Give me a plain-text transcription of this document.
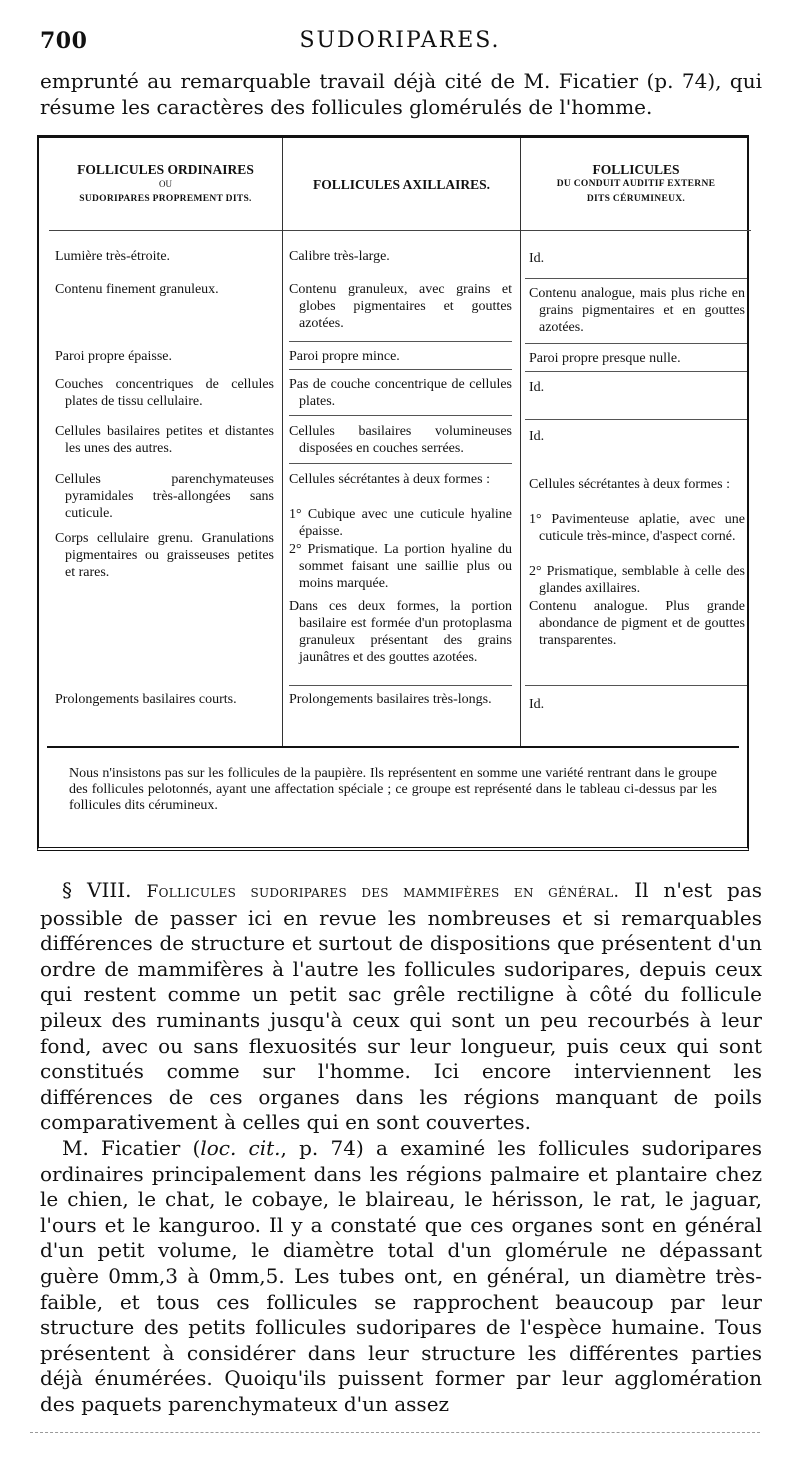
700	SUDORIPARES.

emprunté au remarquable travail déjà cité de M. Ficatier (p. 74), qui résume les caractères des follicules glomérulés de l'homme.

FOLLICULES ORDINAIRES
OU
SUDORIPARES PROPREMENT DITS.

Lumière très-étroite.

Contenu finement granuleux.

Paroi propre épaisse.

Couches concentriques de cellules plates de tissu cellulaire.

Cellules basilaires petites et distantes les unes des autres.

Cellules parenchymateuses pyramidales très-allongées sans cuticule.

Corps cellulaire grenu. Granulations pigmentaires ou graisseuses petites et rares.

Prolongements basilaires courts.

FOLLICULES AXILLAIRES.

Calibre très-large.

Contenu granuleux, avec grains et globes pigmentaires et gouttes azotées.

Paroi propre mince.

Pas de couche concentrique de cellules plates.

Cellules basilaires volumineuses disposées en couches serrées.

Cellules sécrétantes à deux formes :

1° Cubique avec une cuticule hyaline épaisse.

2° Prismatique. La portion hyaline du sommet faisant une saillie plus ou moins marquée.

Dans ces deux formes, la portion basilaire est formée d'un protoplasma granuleux présentant des grains jaunâtres et des gouttes azotées.

Prolongements basilaires très-longs.

FOLLICULES
DU CONDUIT AUDITIF EXTERNE
DITS CÉRUMINEUX.

Id.

Contenu analogue, mais plus riche en grains pigmentaires et en gouttes azotées.

Paroi propre presque nulle.

Id.

Id.

Cellules sécrétantes à deux formes :

1° Pavimenteuse aplatie, avec une cuticule très-mince, d'aspect corné.

2° Prismatique, semblable à celle des glandes axillaires.

Contenu analogue. Plus grande abondance de pigment et de gouttes transparentes.

Id.

Nous n'insistons pas sur les follicules de la paupière. Ils représentent en somme une variété rentrant dans le groupe des follicules pelotonnés, ayant une affectation spéciale ; ce groupe est représenté dans le tableau ci-dessus par les follicules dits cérumineux.

§ VIII. Follicules sudoripares des mammifères en général. Il n'est pas possible de passer ici en revue les nombreuses et si remarquables différences de structure et surtout de dispositions que présentent d'un ordre de mammifères à l'autre les follicules sudoripares, depuis ceux qui restent comme un petit sac grêle rectiligne à côté du follicule pileux des ruminants jusqu'à ceux qui sont un peu recourbés à leur fond, avec ou sans flexuosités sur leur longueur, puis ceux qui sont constitués comme sur l'homme. Ici encore interviennent les différences de ces organes dans les régions manquant de poils comparativement à celles qui en sont couvertes.

M. Ficatier (loc. cit., p. 74) a examiné les follicules sudoripares ordinaires principalement dans les régions palmaire et plantaire chez le chien, le chat, le cobaye, le blaireau, le hérisson, le rat, le jaguar, l'ours et le kanguroo. Il y a constaté que ces organes sont en général d'un petit volume, le diamètre total d'un glomérule ne dépassant guère 0mm,3 à 0mm,5. Les tubes ont, en général, un diamètre très-faible, et tous ces follicules se rapprochent beaucoup par leur structure des petits follicules sudoripares de l'espèce humaine. Tous présentent à considérer dans leur structure les différentes parties déjà énumérées. Quoiqu'ils puissent former par leur agglomération des paquets parenchymateux d'un assez
